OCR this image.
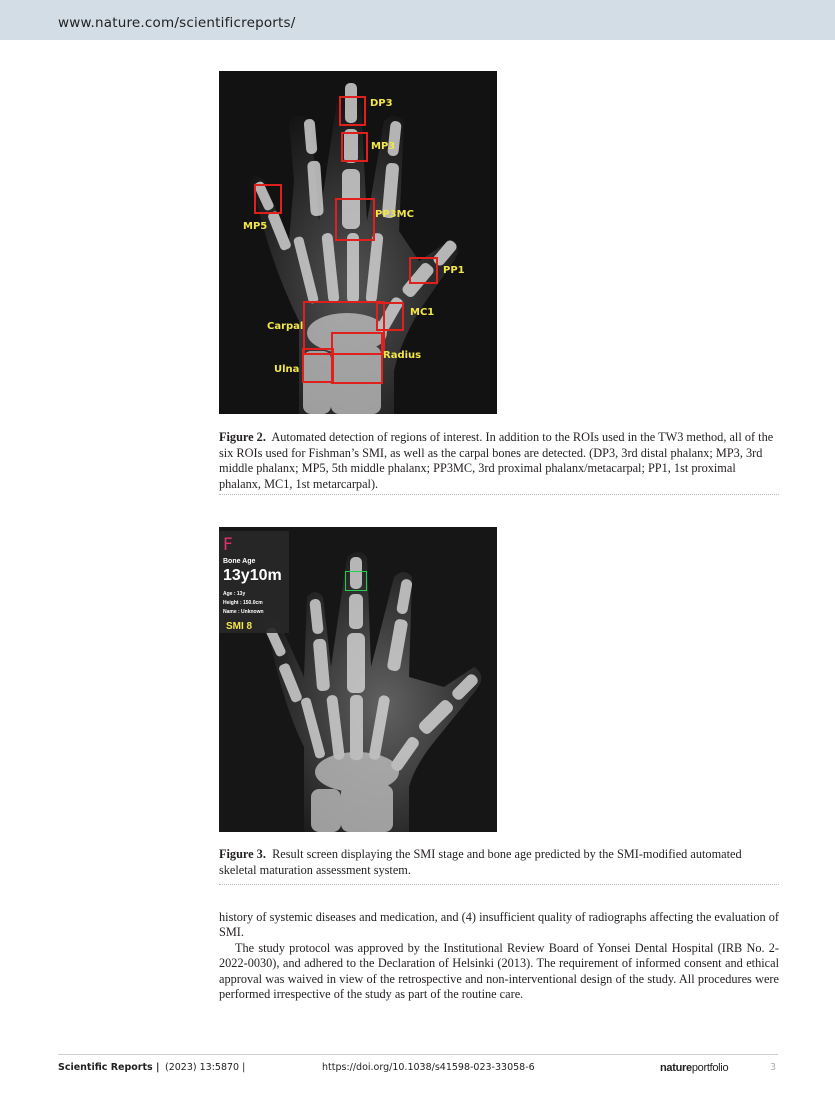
www.nature.com/scientificreports/
DP3
MP3
MP5
PP3MC
PP1
MC1
Carpal
Radius
Ulna
Figure 2. Automated detection of regions of interest. In addition to the ROIs used in the TW3 method, all of the six ROIs used for Fishman’s SMI, as well as the carpal bones are detected. (DP3, 3rd distal phalanx; MP3, 3rd middle phalanx; MP5, 5th middle phalanx; PP3MC, 3rd proximal phalanx/metacarpal; PP1, 1st proximal phalanx, MC1, 1st metarcarpal).
F
Bone Age
13y10m
Age : 13y
Height : 150.0cm
Name : Unknown
SMI 8
Figure 3. Result screen displaying the SMI stage and bone age predicted by the SMI-modified automated skeletal maturation assessment system.

history of systemic diseases and medication, and (4) insufficient quality of radiographs affecting the evaluation of SMI.

The study protocol was approved by the Institutional Review Board of Yonsei Dental Hospital (IRB No. 2-2022-0030), and adhered to the Declaration of Helsinki (2013). The requirement of informed consent and ethical approval was waived in view of the retrospective and non-interventional design of the study. All procedures were performed irrespective of the study as part of the routine care.

Scientific Reports | (2023) 13:5870 |	https://doi.org/10.1038/s41598-023-33058-6	natureportfolio	3
